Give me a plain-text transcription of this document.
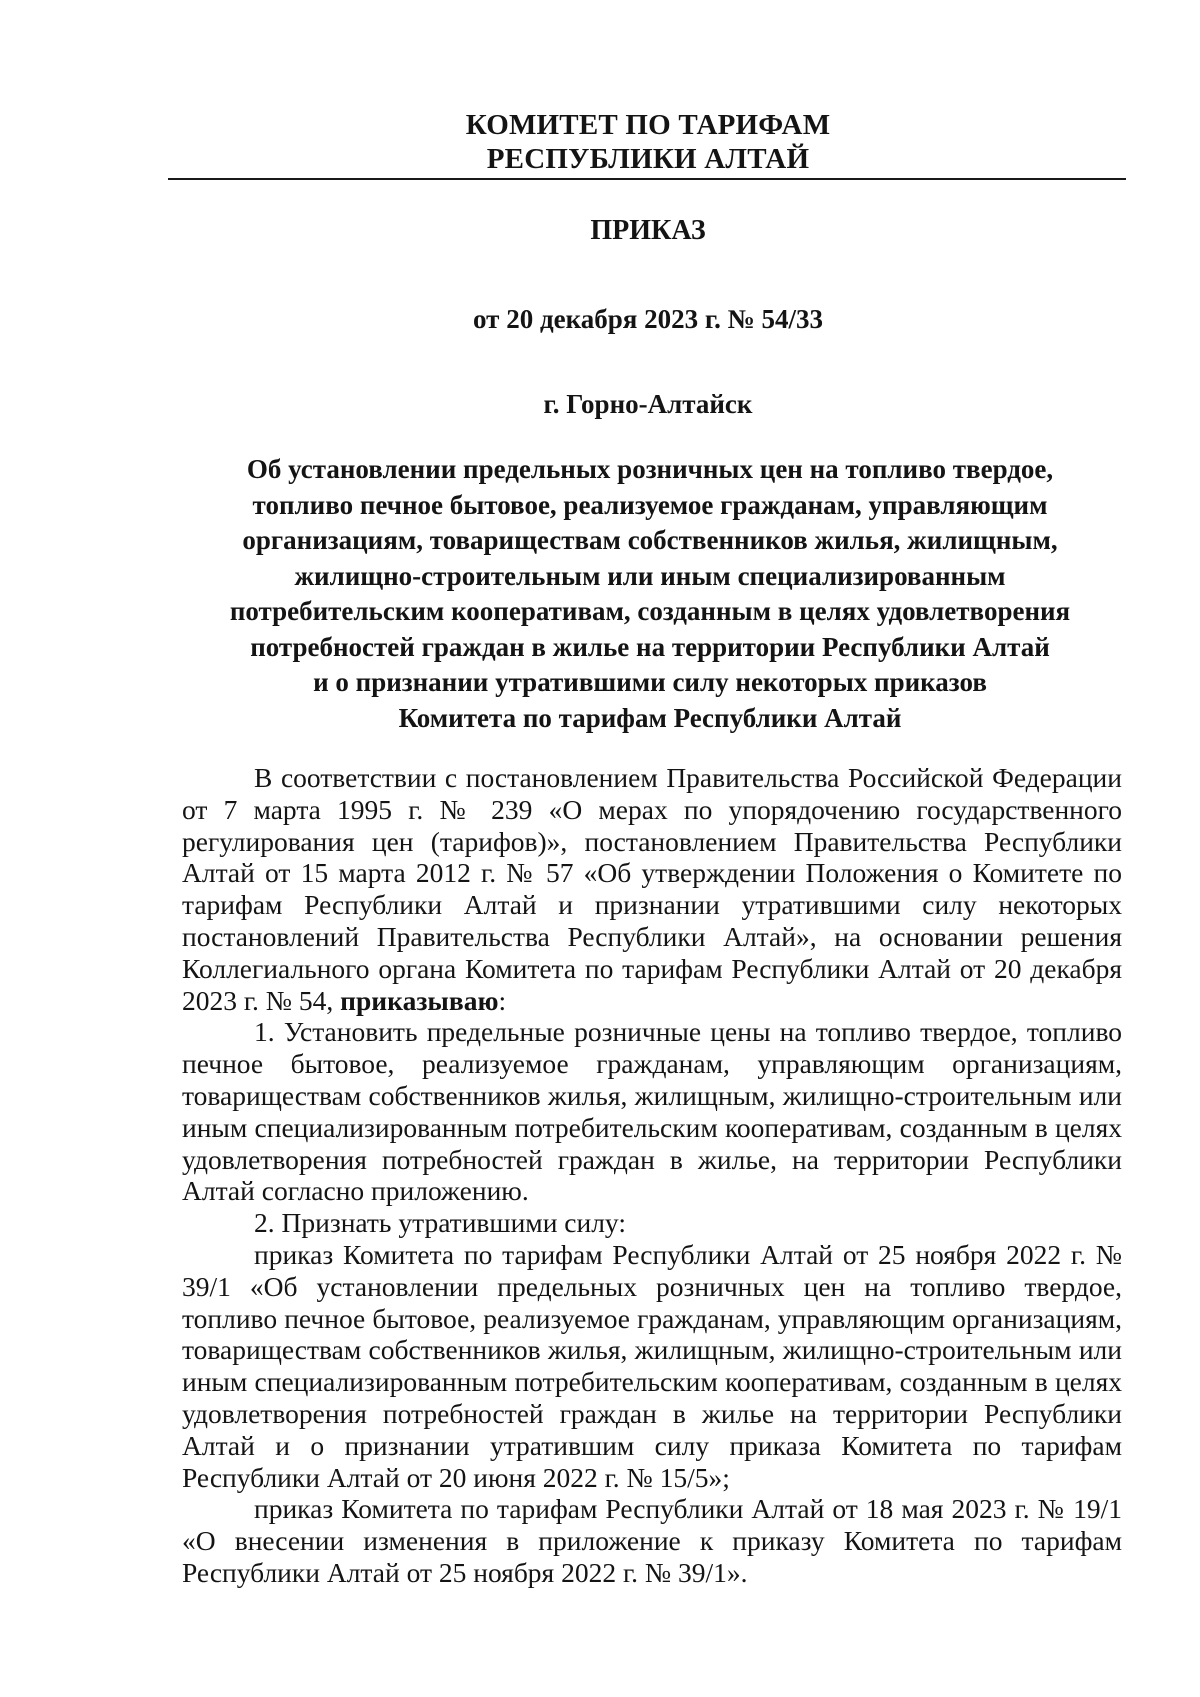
КОМИТЕТ ПО ТАРИФАМ
РЕСПУБЛИКИ АЛТАЙ
ПРИКАЗ
от 20 декабря 2023 г. № 54/33
г. Горно-Алтайск
Об установлении предельных розничных цен на топливо твердое,
топливо печное бытовое, реализуемое гражданам, управляющим
организациям, товариществам собственников жилья, жилищным,
жилищно-строительным или иным специализированным
потребительским кооперативам, созданным в целях удовлетворения
потребностей граждан в жилье на территории Республики Алтай
и о признании утратившими силу некоторых приказов
Комитета по тарифам Республики Алтай

В соответствии с постановлением Правительства Российской Федерации от 7 марта 1995 г. № 239 «О мерах по упорядочению государственного регулирования цен (тарифов)», постановлением Правительства Республики Алтай от 15 марта 2012 г. № 57 «Об утверждении Положения о Комитете по тарифам Республики Алтай и признании утратившими силу некоторых постановлений Правительства Республики Алтай», на основании решения Коллегиального органа Комитета по тарифам Республики Алтай от 20 декабря 2023 г. № 54, приказываю:

1. Установить предельные розничные цены на топливо твердое, топливо печное бытовое, реализуемое гражданам, управляющим организациям, товариществам собственников жилья, жилищным, жилищно-строительным или иным специализированным потребительским кооперативам, созданным в целях удовлетворения потребностей граждан в жилье, на территории Республики Алтай согласно приложению.

2. Признать утратившими силу:

приказ Комитета по тарифам Республики Алтай от 25 ноября 2022 г. № 39/1 «Об установлении предельных розничных цен на топливо твердое, топливо печное бытовое, реализуемое гражданам, управляющим организациям, товариществам собственников жилья, жилищным, жилищно-строительным или иным специализированным потребительским кооперативам, созданным в целях удовлетворения потребностей граждан в жилье на территории Республики Алтай и о признании утратившим силу приказа Комитета по тарифам Республики Алтай от 20 июня 2022 г. № 15/5»;

приказ Комитета по тарифам Республики Алтай от 18 мая 2023 г. № 19/1 «О внесении изменения в приложение к приказу Комитета по тарифам Республики Алтай от 25 ноября 2022 г. № 39/1».
